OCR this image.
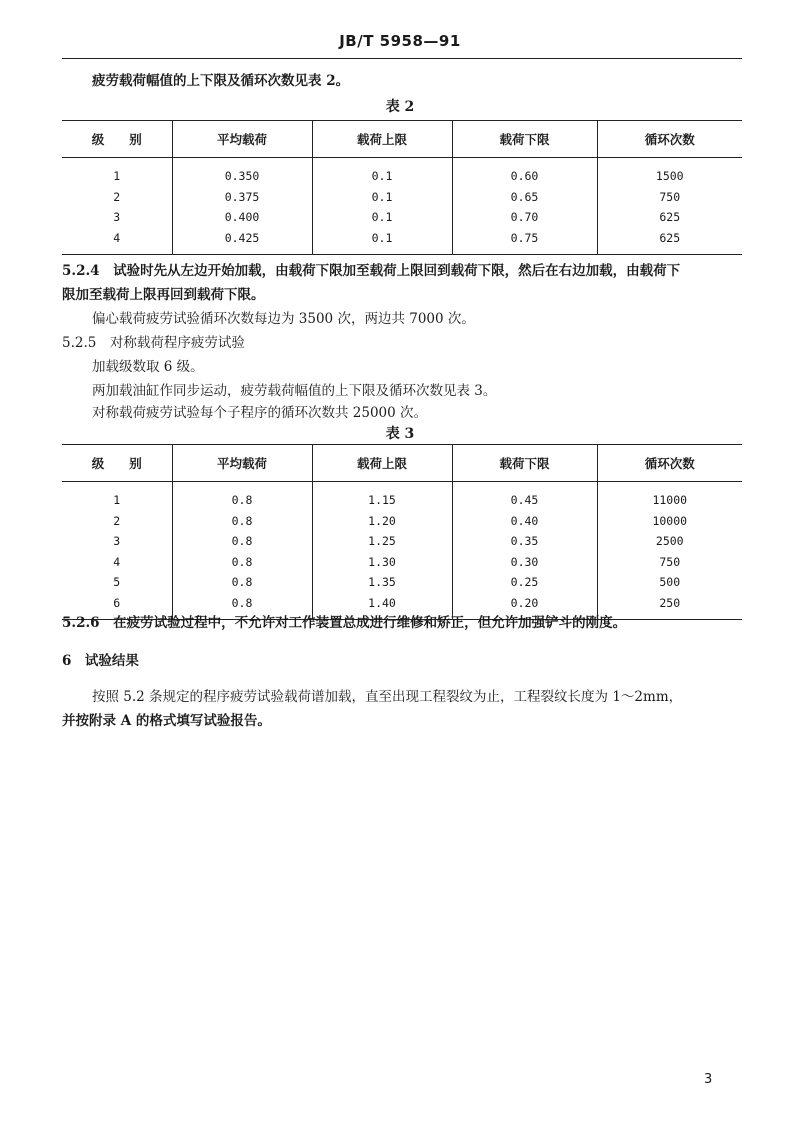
JB/T 5958—91
疲劳载荷幅值的上下限及循环次数见表 2。
表 2
级　　别	平均载荷	载荷上限	载荷下限	循环次数
1	0.350	0.1	0.60	1500
2	0.375	0.1	0.65	750
3	0.400	0.1	0.70	625
4	0.425	0.1	0.75	625
5.2.4　试验时先从左边开始加载，由载荷下限加至载荷上限回到载荷下限，然后在右边加载，由载荷下
限加至载荷上限再回到载荷下限。
偏心载荷疲劳试验循环次数每边为 3500 次，两边共 7000 次。
5.2.5　对称载荷程序疲劳试验
加载级数取 6 级。
两加载油缸作同步运动，疲劳载荷幅值的上下限及循环次数见表 3。
对称载荷疲劳试验每个子程序的循环次数共 25000 次。
表 3
级　　别	平均载荷	载荷上限	载荷下限	循环次数
1	0.8	1.15	0.45	11000
2	0.8	1.20	0.40	10000
3	0.8	1.25	0.35	2500
4	0.8	1.30	0.30	750
5	0.8	1.35	0.25	500
6	0.8	1.40	0.20	250
5.2.6　在疲劳试验过程中，不允许对工作装置总成进行维修和矫正，但允许加强铲斗的刚度。
6　试验结果
按照 5.2 条规定的程序疲劳试验载荷谱加载，直至出现工程裂纹为止，工程裂纹长度为 1～2mm，
并按附录 A 的格式填写试验报告。
3
